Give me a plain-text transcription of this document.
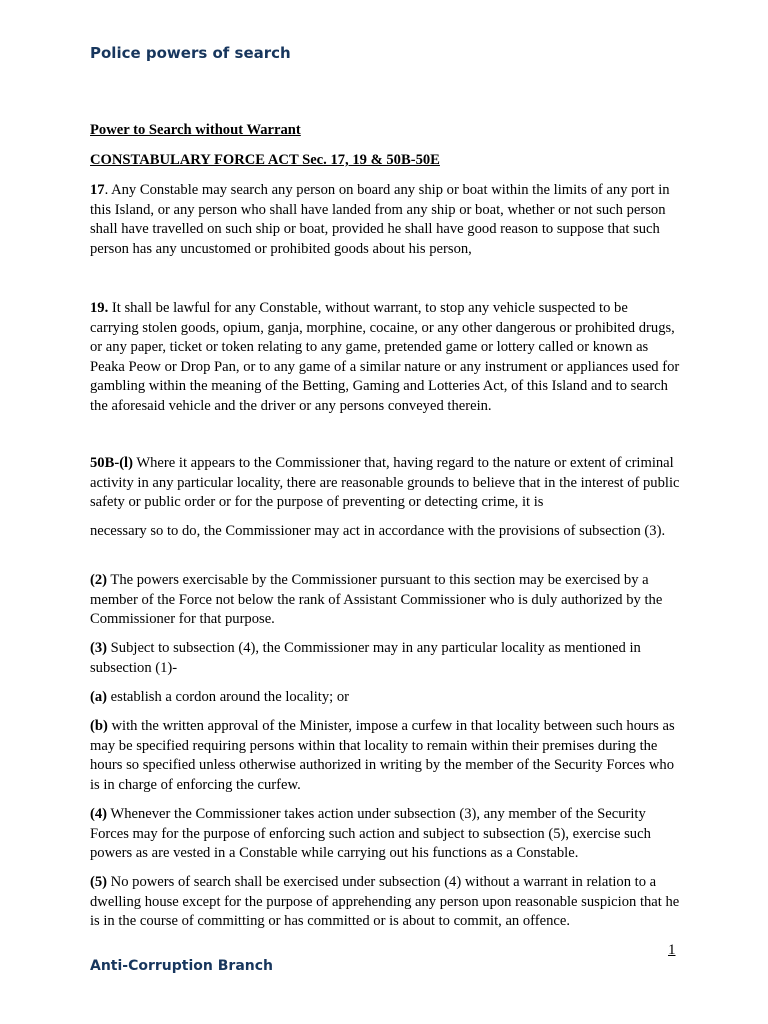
Police powers of search
Power to Search without Warrant
CONSTABULARY FORCE ACT Sec. 17, 19 & 50B-50E

17. Any Constable may search any person on board any ship or boat within the limits of any port in this Island, or any person who shall have landed from any ship or boat, whether or not such person shall have travelled on such ship or boat, provided he shall have good reason to suppose that such person has any uncustomed or prohibited goods about his person,

19. It shall be lawful for any Constable, without warrant, to stop any vehicle suspected to be carrying stolen goods, opium, ganja, morphine, cocaine, or any other dangerous or prohibited drugs, or any paper, ticket or token relating to any game, pretended game or lottery called or known as Peaka Peow or Drop Pan, or to any game of a similar nature or any instrument or appliances used for gambling within the meaning of the Betting, Gaming and Lotteries Act, of this Island and to search the aforesaid vehicle and the driver or any persons conveyed therein.

50B-(l) Where it appears to the Commissioner that, having regard to the nature or extent of criminal activity in any particular locality, there are reasonable grounds to believe that in the interest of public safety or public order or for the purpose of preventing or detecting crime, it is

necessary so to do, the Commissioner may act in accordance with the provisions of subsection (3).

(2) The powers exercisable by the Commissioner pursuant to this section may be exercised by a member of the Force not below the rank of Assistant Commissioner who is duly authorized by the Commissioner for that purpose.

(3) Subject to subsection (4), the Commissioner may in any particular locality as mentioned in subsection (1)-

(a) establish a cordon around the locality; or

(b) with the written approval of the Minister, impose a curfew in that locality between such hours as may be specified requiring persons within that locality to remain within their premises during the hours so specified unless otherwise authorized in writing by the member of the Security Forces who is in charge of enforcing the curfew.

(4) Whenever the Commissioner takes action under subsection (3), any member of the Security Forces may for the purpose of enforcing such action and subject to subsection (5), exercise such powers as are vested in a Constable while carrying out his functions as a Constable.

(5) No powers of search shall be exercised under subsection (4) without a warrant in relation to a dwelling house except for the purpose of apprehending any person upon reasonable suspicion that he is in the course of committing or has committed or is about to commit, an offence.

1
Anti-Corruption Branch
